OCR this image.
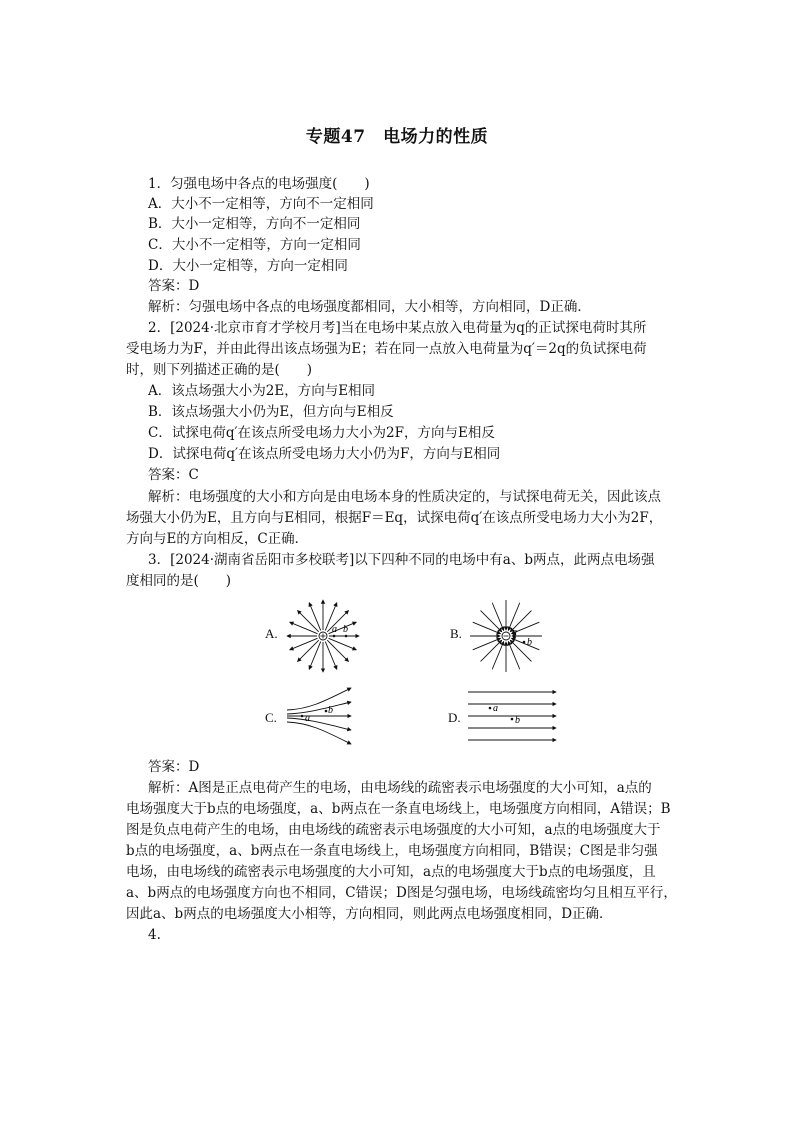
专题47　电场力的性质
1．匀强电场中各点的电场强度(　　)
A．大小不一定相等，方向不一定相同
B．大小一定相等，方向不一定相同
C．大小不一定相等，方向一定相同
D．大小一定相等，方向一定相同
答案：D
解析：匀强电场中各点的电场强度都相同，大小相等，方向相同，D正确．
2．[2024·北京市育才学校月考]当在电场中某点放入电荷量为q的正试探电荷时其所
受电场力为F，并由此得出该点场强为E；若在同一点放入电荷量为q′＝2q的负试探电荷
时，则下列描述正确的是(　　)
A．该点场强大小为2E，方向与E相同
B．该点场强大小仍为E，但方向与E相反
C．试探电荷q′在该点所受电场力大小为2F，方向与E相反
D．试探电荷q′在该点所受电场力大小仍为F，方向与E相同
答案：C
解析：电场强度的大小和方向是由电场本身的性质决定的，与试探电荷无关，因此该点
场强大小仍为E，且方向与E相同，根据F＝Eq，试探电荷q′在该点所受电场力大小为2F，
方向与E的方向相反，C正确．
3．[2024·湖南省岳阳市多校联考]以下四种不同的电场中有a、b两点，此两点电场强
度相同的是(　　)
A.	a b	B.	a
b
C.	a
b	D.
a
b
答案：D
解析：A图是正点电荷产生的电场，由电场线的疏密表示电场强度的大小可知，a点的
电场强度大于b点的电场强度，a、b两点在一条直电场线上，电场强度方向相同，A错误；B
图是负点电荷产生的电场，由电场线的疏密表示电场强度的大小可知，a点的电场强度大于
b点的电场强度，a、b两点在一条直电场线上，电场强度方向相同，B错误；C图是非匀强
电场，由电场线的疏密表示电场强度的大小可知，a点的电场强度大于b点的电场强度，且
a、b两点的电场强度方向也不相同，C错误；D图是匀强电场，电场线疏密均匀且相互平行，
因此a、b两点的电场强度大小相等，方向相同，则此两点电场强度相同，D正确．
4.
